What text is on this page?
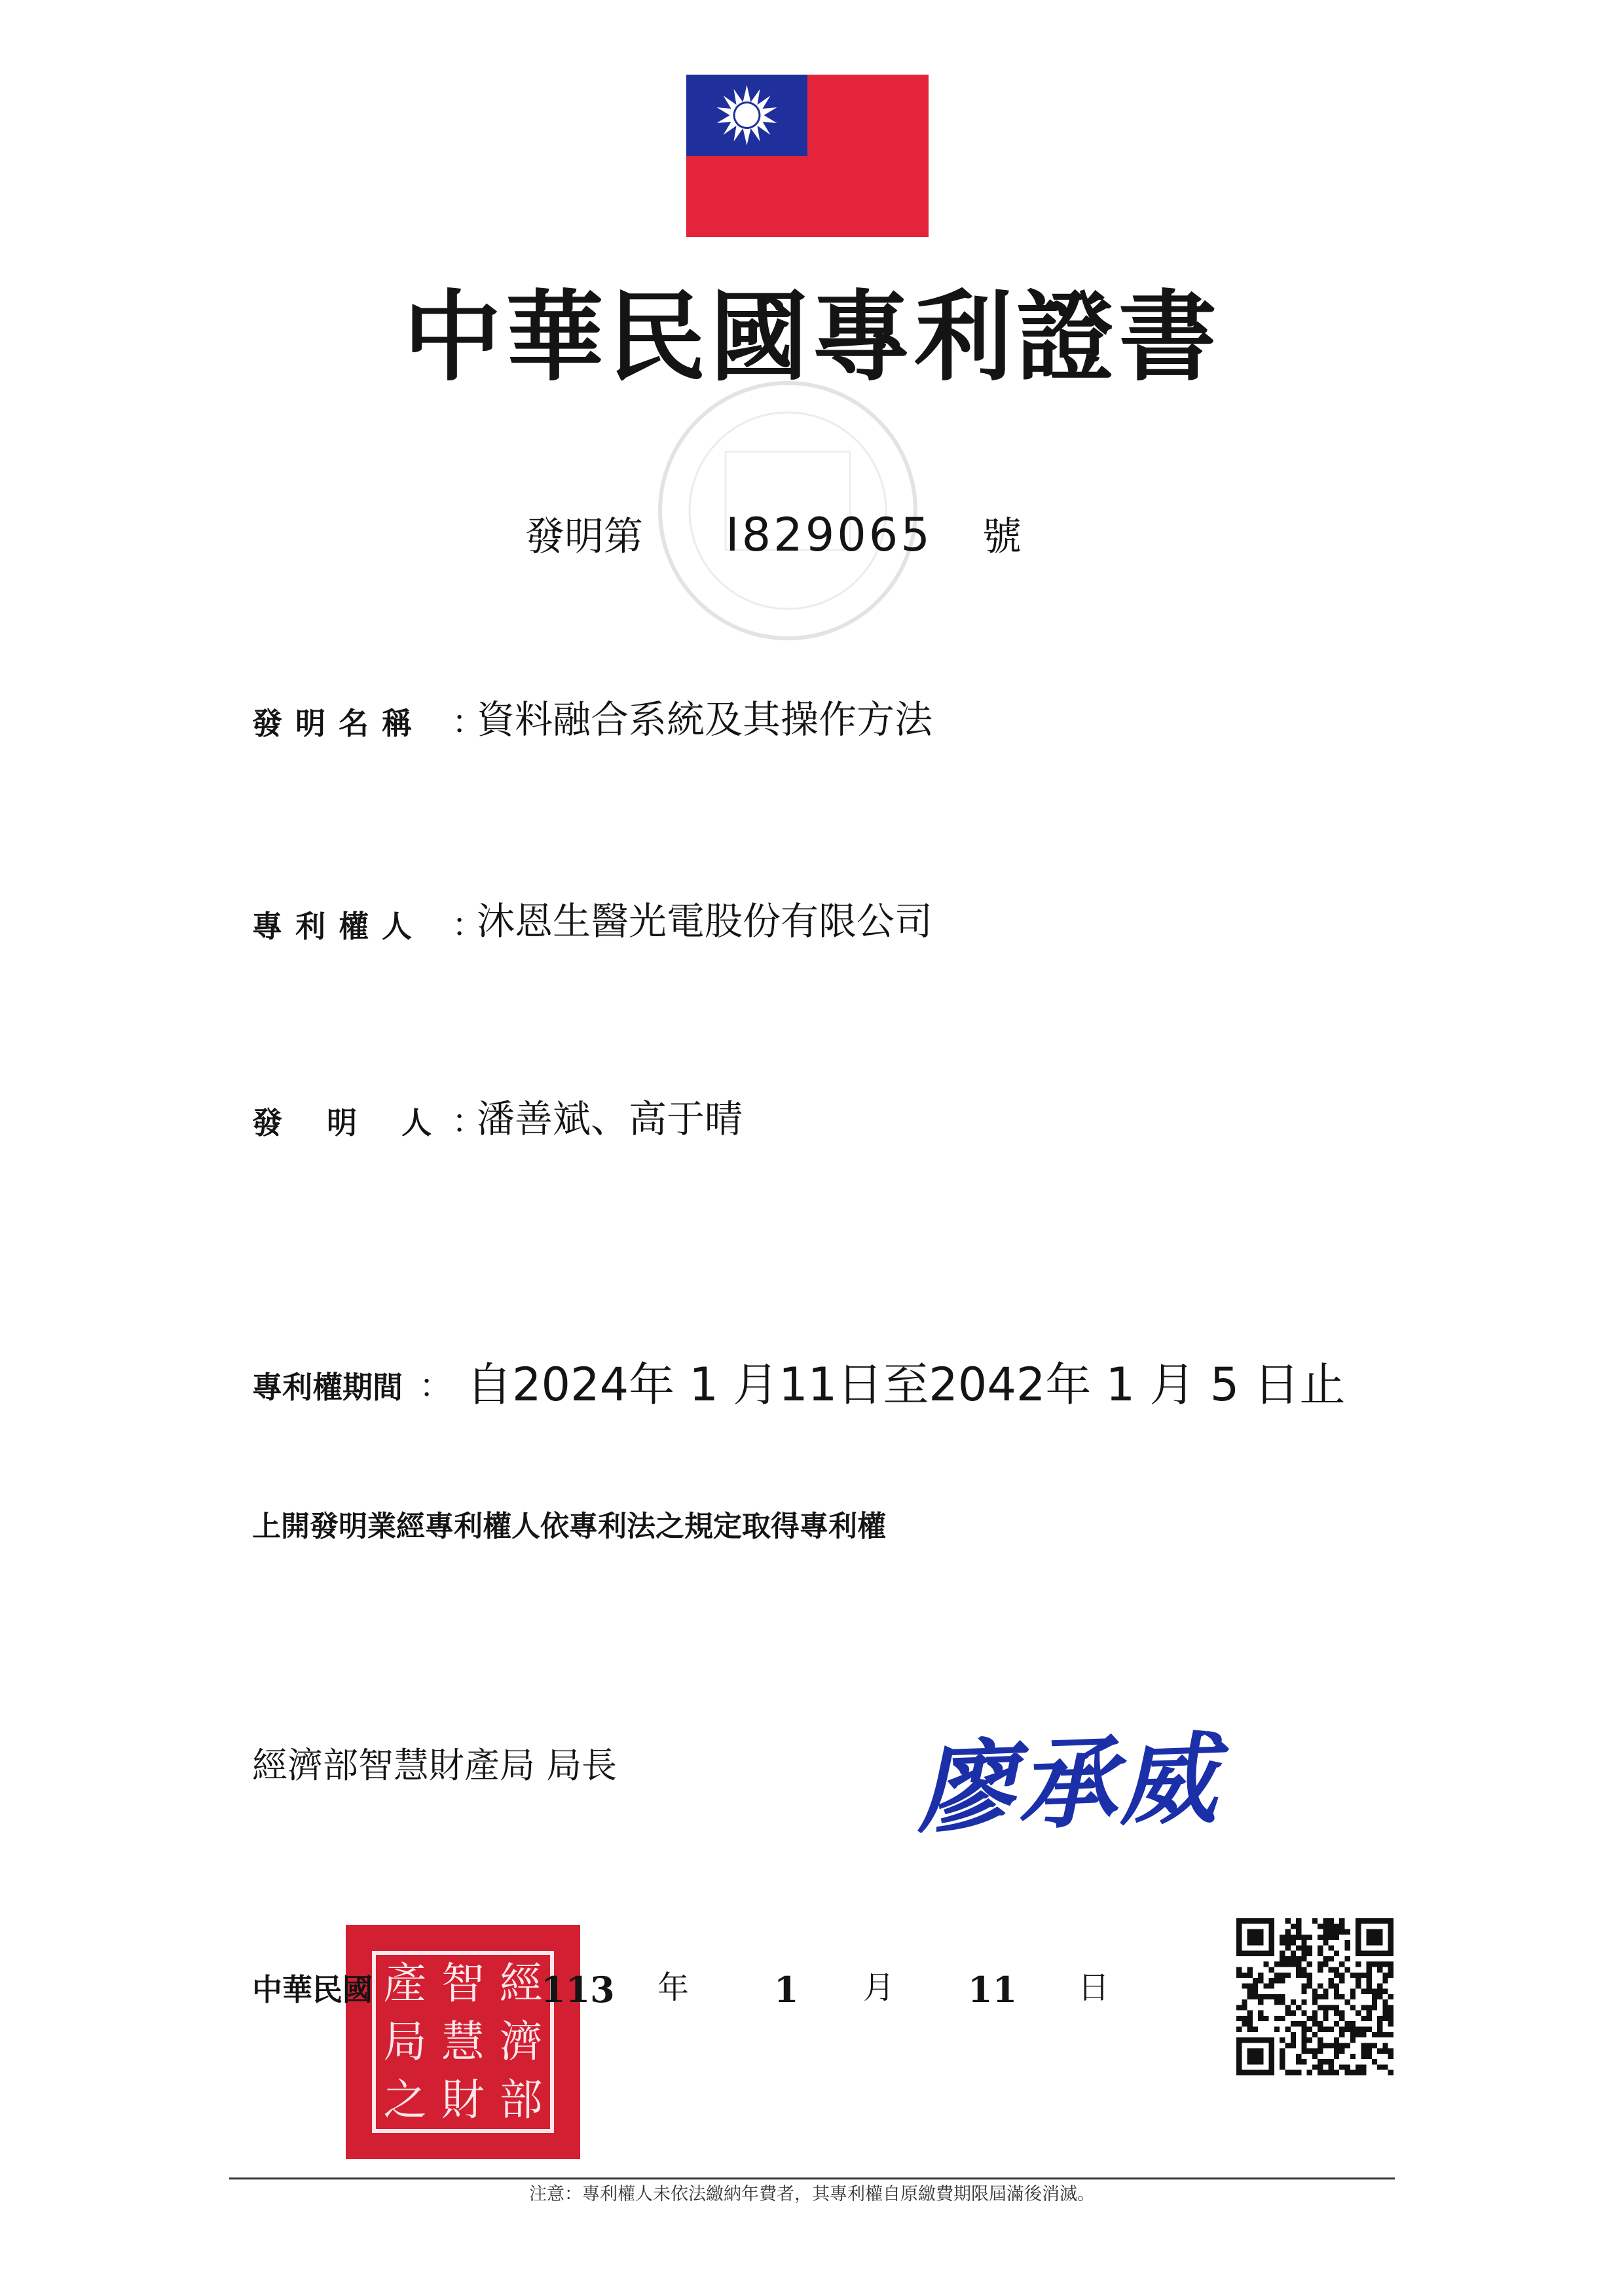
中華民國專利證書
發明第 I829065 號
發 明 名 稱 ：
資料融合系統及其操作方法
專 利 權 人 ：
沐恩生醫光電股份有限公司
發　 明　 人 ：
潘善斌、高于晴
專利權期間 ： 自2024年 1 月11日至2042年 1 月 5 日止
上開發明業經專利權人依專利法之規定取得專利權
經濟部智慧財產局 局長	廖承威
經
濟
部
智
慧
財
產
局
之
中華民國	113 年 1 月 11 日
注意：專利權人未依法繳納年費者，其專利權自原繳費期限屆滿後消滅。
